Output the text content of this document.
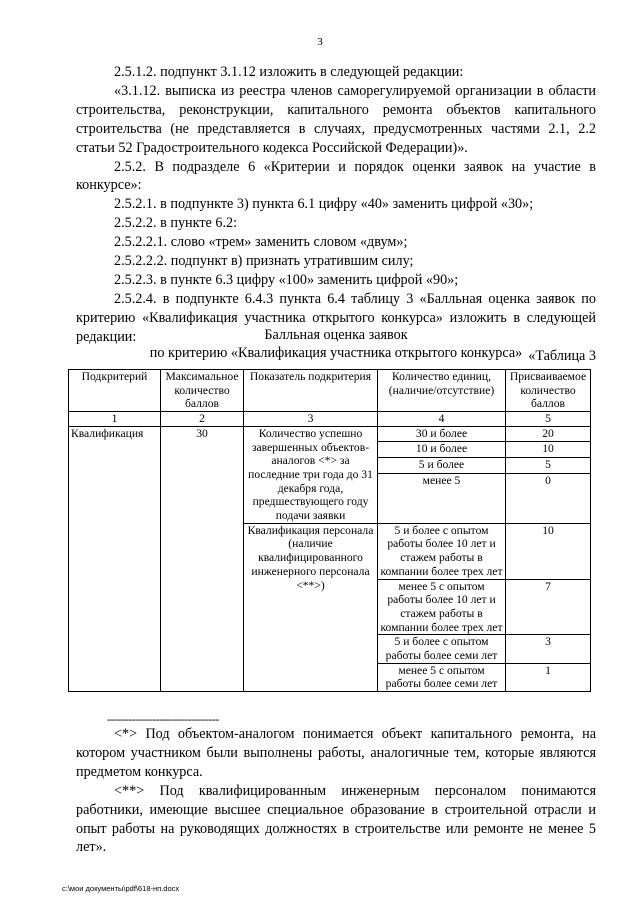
3

2.5.1.2. подпункт 3.1.12 изложить в следующей редакции:

«3.1.12. выписка из реестра членов саморегулируемой организации в области строительства, реконструкции, капитального ремонта объектов капитального строительства (не представляется в случаях, предусмотренных частями 2.1, 2.2 статьи 52 Градостроительного кодекса Российской Федерации)».

2.5.2. В подразделе 6 «Критерии и порядок оценки заявок на участие в конкурсе»:

2.5.2.1. в подпункте 3) пункта 6.1 цифру «40» заменить цифрой «30»;

2.5.2.2. в пункте 6.2:

2.5.2.2.1. слово «трем» заменить словом «двум»;

2.5.2.2.2. подпункт в) признать утратившим силу;

2.5.2.3. в пункте 6.3 цифру «100» заменить цифрой «90»;

2.5.2.4. в подпункте 6.4.3 пункта 6.4 таблицу 3 «Балльная оценка заявок по критерию «Квалификация участника открытого конкурса» изложить в следующей редакции:

«Таблица 3

Балльная оценка заявок
по критерию «Квалификация участника открытого конкурса»
Подкритерий	Максимальное количество баллов	Показатель подкритерия	Количество единиц, (наличие/отсутствие)	Присваиваемое количество баллов
1	2	3	4	5
Квалификация	30	Количество успешно завершенных объектов-аналогов <*> за последние три года до 31 декабря года, предшествующего году подачи заявки	30 и более	20
			10 и более	10
			5 и более	5
			менее 5	0
		Квалификация персонала (наличие квалифицированного инженерного персонала <**>)	5 и более с опытом работы более 10 лет и стажем работы в компании более трех лет	10
			менее 5 с опытом работы более 10 лет и стажем работы в компании более трех лет	7
			5 и более с опытом работы более семи лет	3
			менее 5 с опытом работы более семи лет	1
--------------------------------

<*> Под объектом-аналогом понимается объект капитального ремонта, на котором участником были выполнены работы, аналогичные тем, которые являются предметом конкурса.

<**> Под квалифицированным инженерным персоналом понимаются работники, имеющие высшее специальное образование в строительной отрасли и опыт работы на руководящих должностях в строительстве или ремонте не менее 5 лет».

c:\мои документы\pdf\618-нп.docx
